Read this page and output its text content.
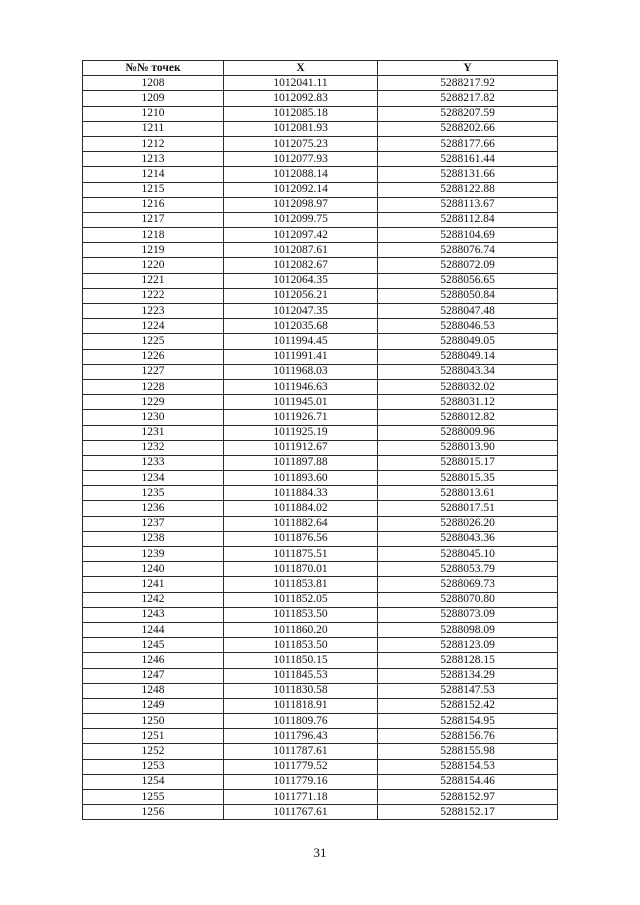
№№ точек	X	Y
1208	1012041.11	5288217.92
1209	1012092.83	5288217.82
1210	1012085.18	5288207.59
1211	1012081.93	5288202.66
1212	1012075.23	5288177.66
1213	1012077.93	5288161.44
1214	1012088.14	5288131.66
1215	1012092.14	5288122.88
1216	1012098.97	5288113.67
1217	1012099.75	5288112.84
1218	1012097.42	5288104.69
1219	1012087.61	5288076.74
1220	1012082.67	5288072.09
1221	1012064.35	5288056.65
1222	1012056.21	5288050.84
1223	1012047.35	5288047.48
1224	1012035.68	5288046.53
1225	1011994.45	5288049.05
1226	1011991.41	5288049.14
1227	1011968.03	5288043.34
1228	1011946.63	5288032.02
1229	1011945.01	5288031.12
1230	1011926.71	5288012.82
1231	1011925.19	5288009.96
1232	1011912.67	5288013.90
1233	1011897.88	5288015.17
1234	1011893.60	5288015.35
1235	1011884.33	5288013.61
1236	1011884.02	5288017.51
1237	1011882.64	5288026.20
1238	1011876.56	5288043.36
1239	1011875.51	5288045.10
1240	1011870.01	5288053.79
1241	1011853.81	5288069.73
1242	1011852.05	5288070.80
1243	1011853.50	5288073.09
1244	1011860.20	5288098.09
1245	1011853.50	5288123.09
1246	1011850.15	5288128.15
1247	1011845.53	5288134.29
1248	1011830.58	5288147.53
1249	1011818.91	5288152.42
1250	1011809.76	5288154.95
1251	1011796.43	5288156.76
1252	1011787.61	5288155.98
1253	1011779.52	5288154.53
1254	1011779.16	5288154.46
1255	1011771.18	5288152.97
1256	1011767.61	5288152.17
31
